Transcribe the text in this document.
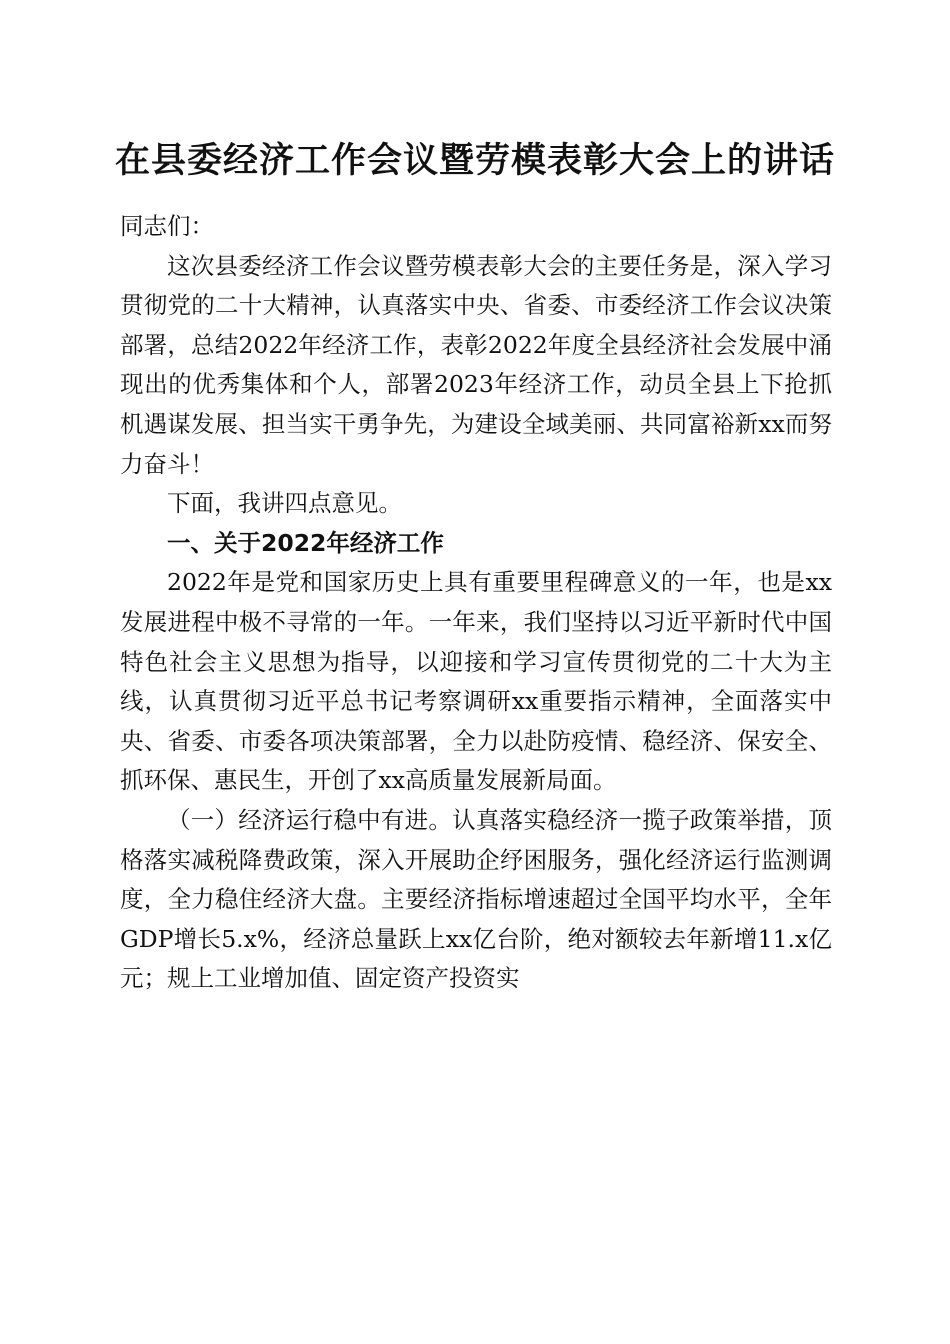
在县委经济工作会议暨劳模表彰大会上的讲话

同志们：

这次县委经济工作会议暨劳模表彰大会的主要任务是，深入学习贯彻党的二十大精神，认真落实中央、省委、市委经济工作会议决策部署，总结2022年经济工作，表彰2022年度全县经济社会发展中涌现出的优秀集体和个人，部署2023年经济工作，动员全县上下抢抓机遇谋发展、担当实干勇争先，为建设全域美丽、共同富裕新xx而努力奋斗！

下面，我讲四点意见。

一、关于2022年经济工作

2022年是党和国家历史上具有重要里程碑意义的一年，也是xx发展进程中极不寻常的一年。一年来，我们坚持以习近平新时代中国特色社会主义思想为指导，以迎接和学习宣传贯彻党的二十大为主线，认真贯彻习近平总书记考察调研xx重要指示精神，全面落实中央、省委、市委各项决策部署，全力以赴防疫情、稳经济、保安全、抓环保、惠民生，开创了xx高质量发展新局面。

（一）经济运行稳中有进。认真落实稳经济一揽子政策举措，顶格落实减税降费政策，深入开展助企纾困服务，强化经济运行监测调度，全力稳住经济大盘。主要经济指标增速超过全国平均水平，全年GDP增长5.x%，经济总量跃上xx亿台阶，绝对额较去年新增11.x亿元；规上工业增加值、固定资产投资实
